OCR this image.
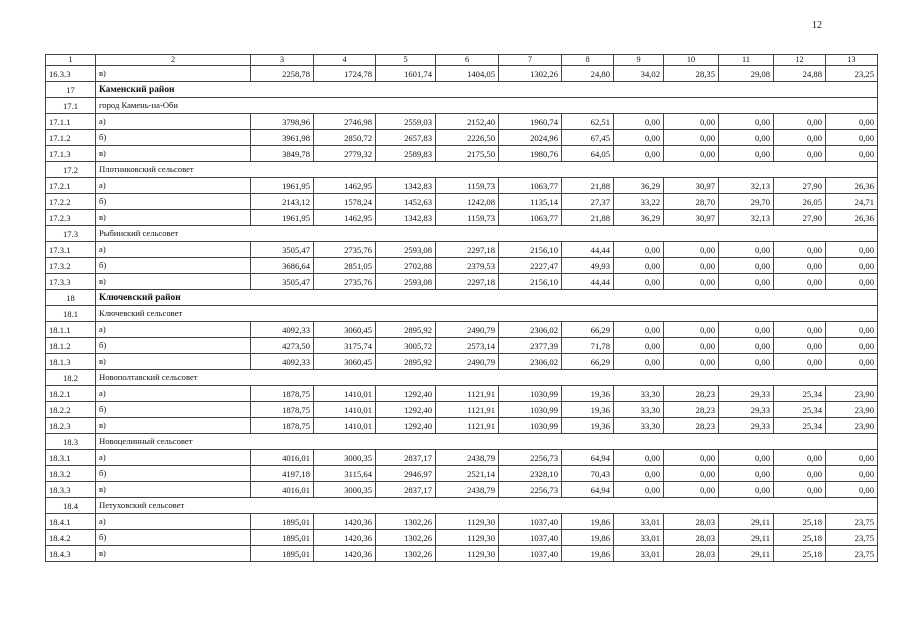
12
1	2	3	4	5	6	7	8	9	10	11	12	13
16.3.3	в)	2258,78	1724,78	1601,74	1404,05	1302,26	24,80	34,02	28,35	29,08	24,88	23,25
17	Каменский район											
17.1	город Камень-на-Оби											
17.1.1	а)	3798,96	2746,98	2559,03	2152,40	1960,74	62,51	0,00	0,00	0,00	0,00	0,00
17.1.2	б)	3961,98	2850,72	2657,83	2226,50	2024,96	67,45	0,00	0,00	0,00	0,00	0,00
17.1.3	в)	3849,78	2779,32	2589,83	2175,50	1980,76	64,05	0,00	0,00	0,00	0,00	0,00
17.2	Плотниковский сельсовет											
17.2.1	а)	1961,95	1462,95	1342,83	1159,73	1063,77	21,88	36,29	30,97	32,13	27,90	26,36
17.2.2	б)	2143,12	1578,24	1452,63	1242,08	1135,14	27,37	33,22	28,70	29,70	26,05	24,71
17.2.3	в)	1961,95	1462,95	1342,83	1159,73	1063,77	21,88	36,29	30,97	32,13	27,90	26,36
17.3	Рыбинский сельсовет											
17.3.1	а)	3505,47	2735,76	2593,08	2297,18	2156,10	44,44	0,00	0,00	0,00	0,00	0,00
17.3.2	б)	3686,64	2851,05	2702,88	2379,53	2227,47	49,93	0,00	0,00	0,00	0,00	0,00
17.3.3	в)	3505,47	2735,76	2593,08	2297,18	2156,10	44,44	0,00	0,00	0,00	0,00	0,00
18	Ключевский район											
18.1	Ключевский сельсовет											
18.1.1	а)	4092,33	3060,45	2895,92	2490,79	2306,02	66,29	0,00	0,00	0,00	0,00	0,00
18.1.2	б)	4273,50	3175,74	3005,72	2573,14	2377,39	71,78	0,00	0,00	0,00	0,00	0,00
18.1.3	в)	4092,33	3060,45	2895,92	2490,79	2306,02	66,29	0,00	0,00	0,00	0,00	0,00
18.2	Новополтавский сельсовет											
18.2.1	а)	1878,75	1410,01	1292,40	1121,91	1030,99	19,36	33,30	28,23	29,33	25,34	23,90
18.2.2	б)	1878,75	1410,01	1292,40	1121,91	1030,99	19,36	33,30	28,23	29,33	25,34	23,90
18.2.3	в)	1878,75	1410,01	1292,40	1121,91	1030,99	19,36	33,30	28,23	29,33	25,34	23,90
18.3	Новоцелинный сельсовет											
18.3.1	а)	4016,01	3000,35	2837,17	2438,79	2256,73	64,94	0,00	0,00	0,00	0,00	0,00
18.3.2	б)	4197,18	3115,64	2946,97	2521,14	2328,10	70,43	0,00	0,00	0,00	0,00	0,00
18.3.3	в)	4016,01	3000,35	2837,17	2438,79	2256,73	64,94	0,00	0,00	0,00	0,00	0,00
18.4	Петуховский сельсовет											
18.4.1	а)	1895,01	1420,36	1302,26	1129,30	1037,40	19,86	33,01	28,03	29,11	25,18	23,75
18.4.2	б)	1895,01	1420,36	1302,26	1129,30	1037,40	19,86	33,01	28,03	29,11	25,18	23,75
18.4.3	в)	1895,01	1420,36	1302,26	1129,30	1037,40	19,86	33,01	28,03	29,11	25,18	23,75
